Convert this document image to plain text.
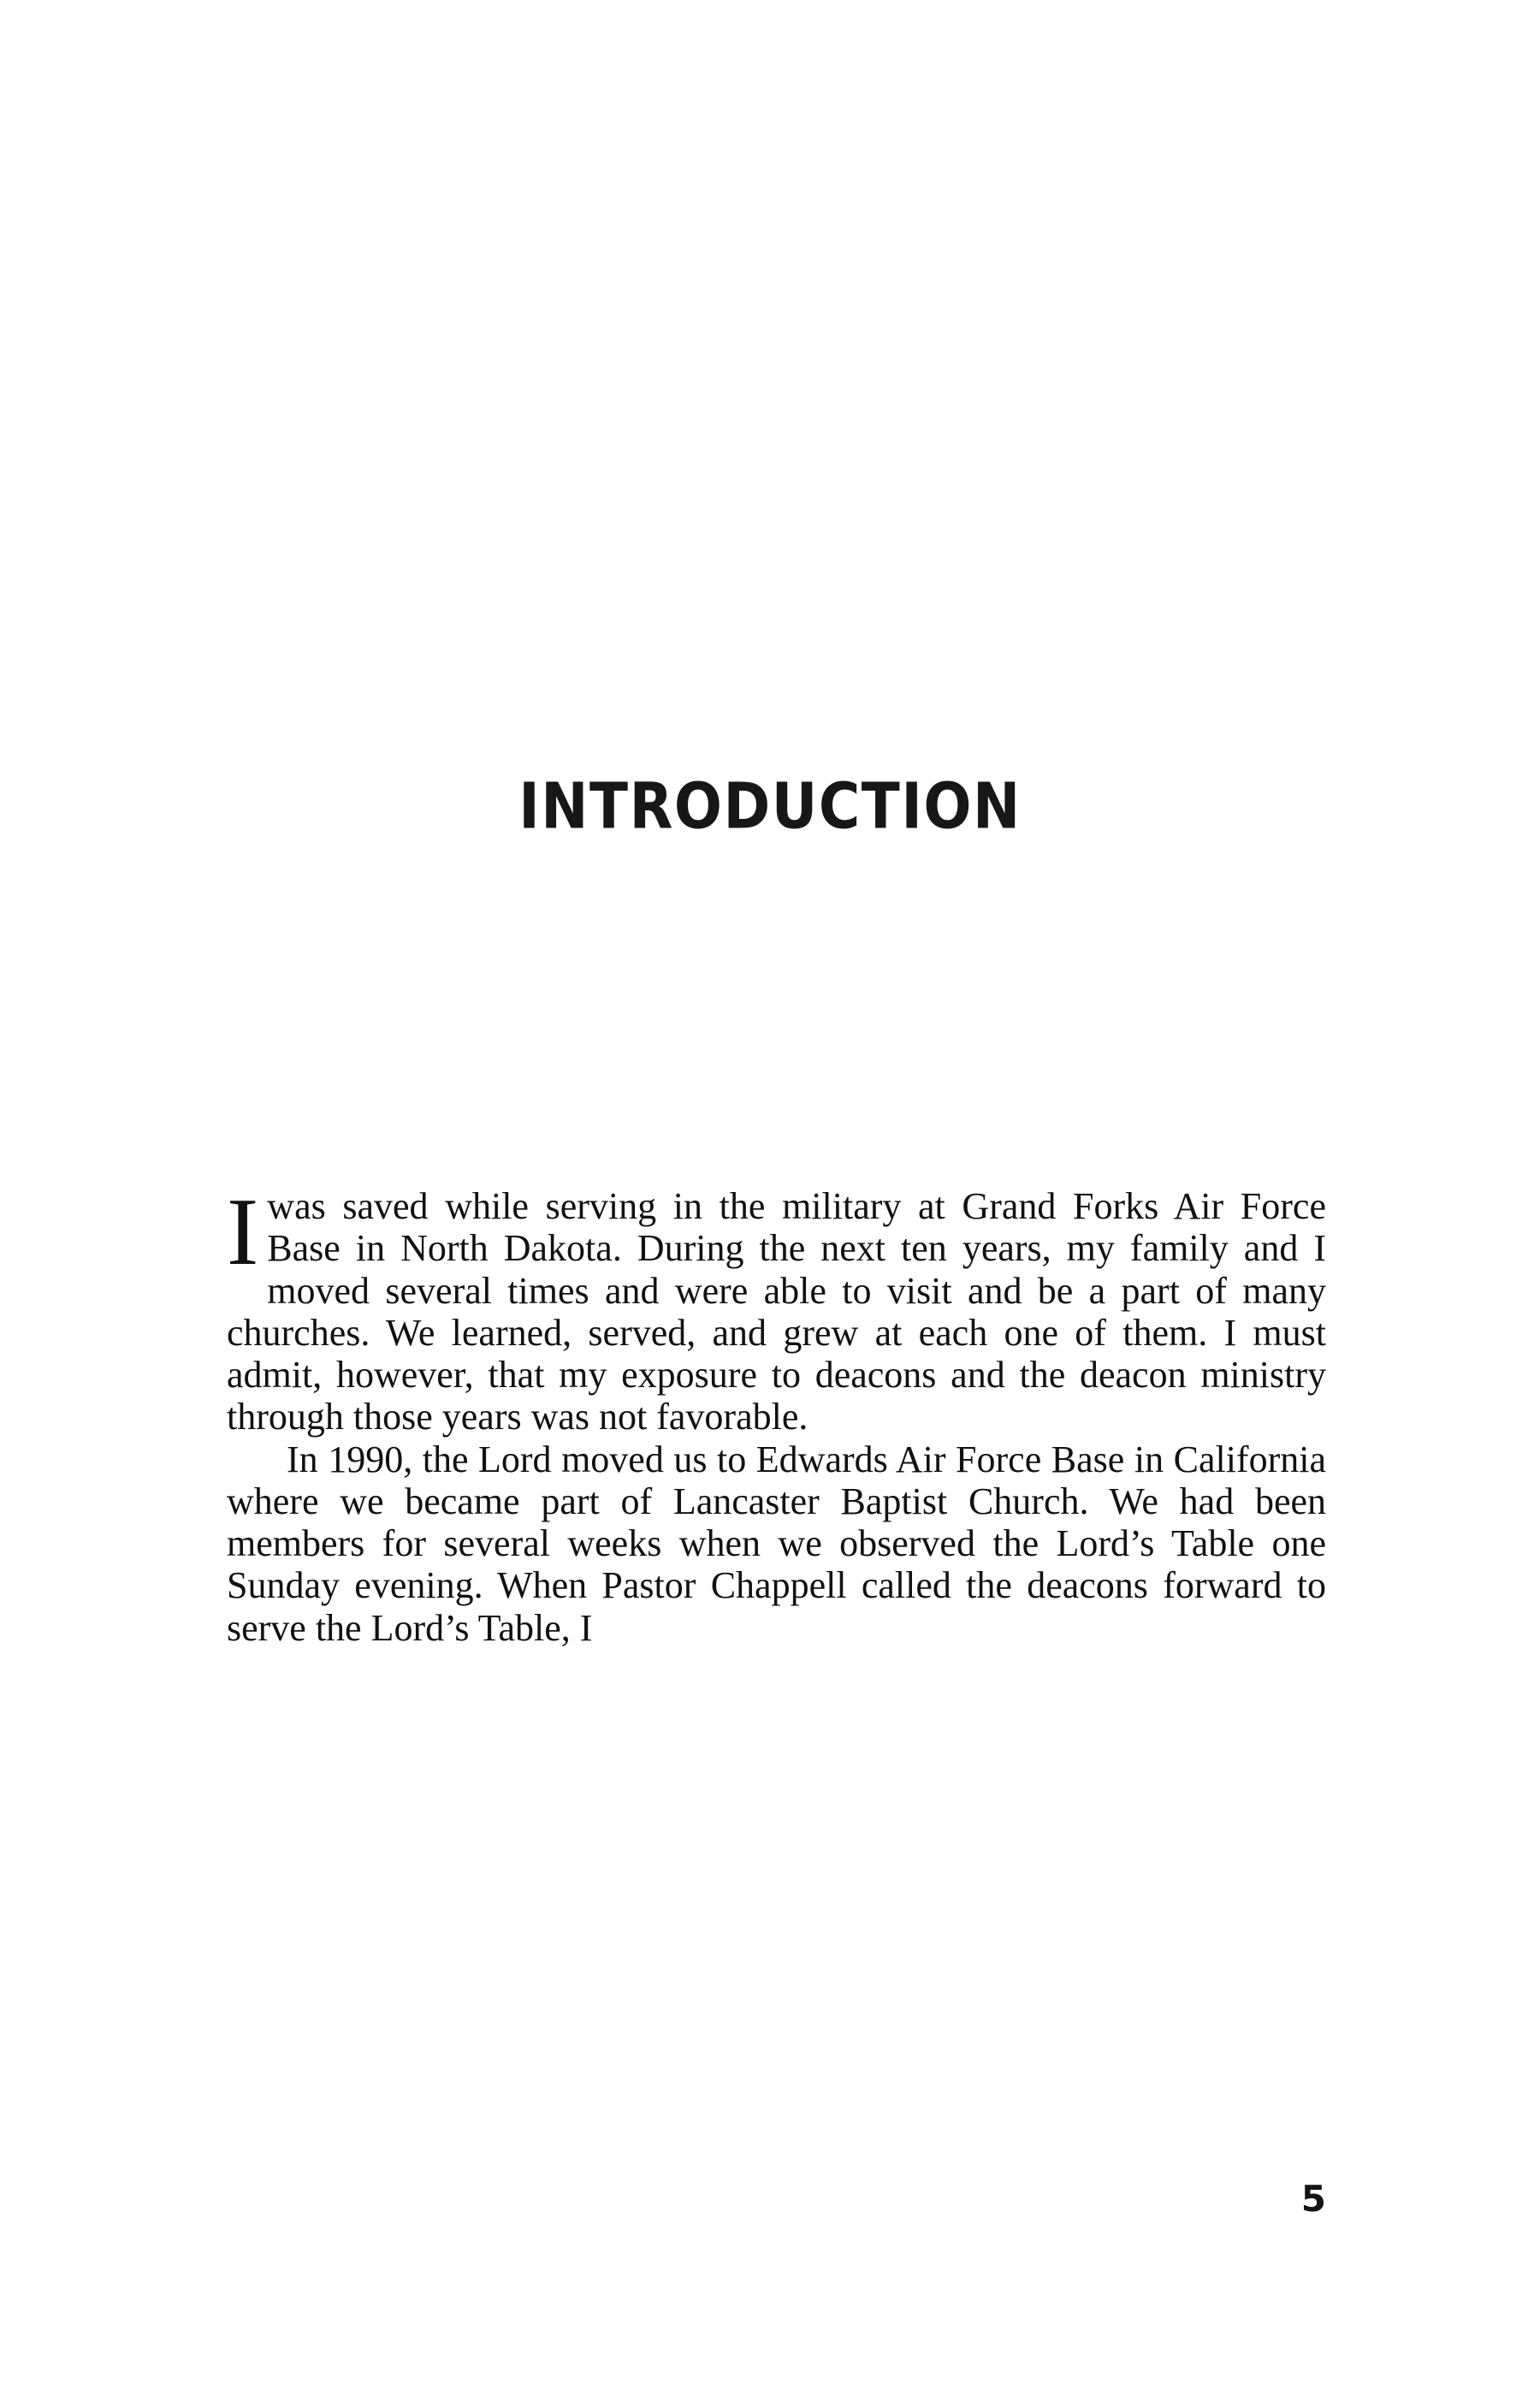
INTRODUCTION

Iwas saved while serving in the military at Grand Forks Air Force Base in North Dakota. During the next ten years, my family and I moved several times and were able to visit and be a part of many churches. We learned, served, and grew at each one of them. I must admit, however, that my exposure to deacons and the deacon ministry through those years was not favorable.

In 1990, the Lord moved us to Edwards Air Force Base in California where we became part of Lancaster Baptist Church. We had been members for several weeks when we observed the Lord’s Table one Sunday evening. When Pastor Chappell called the deacons forward to serve the Lord’s Table, I

5
